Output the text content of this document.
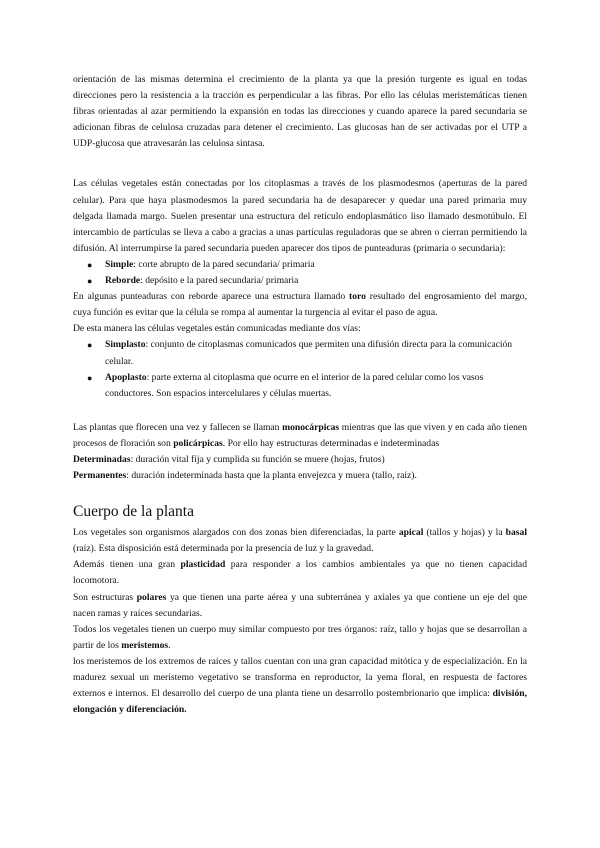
orientación de las mismas determina el crecimiento de la planta ya que la presión turgente es igual en todas direcciones pero la resistencia a la tracción es perpendicular a las fibras. Por ello las células meristemáticas tienen fibras orientadas al azar permitiendo la expansión en todas las direcciones y cuando aparece la pared secundaria se adicionan fibras de celulosa cruzadas para detener el crecimiento. Las glucosas han de ser activadas por el UTP a UDP-glucosa que atravesarán las celulosa sintasa.

Las células vegetales están conectadas por los citoplasmas a través de los plasmodesmos (aperturas de la pared celular). Para que haya plasmodesmos la pared secundaria ha de desaparecer y quedar una pared primaria muy delgada llamada margo. Suelen presentar una estructura del retículo endoplasmático liso llamado desmotúbulo. El intercambio de partículas se lleva a cabo a gracias a unas partículas reguladoras que se abren o cierran permitiendo la difusión. Al interrumpirse la pared secundaria pueden aparecer dos tipos de punteaduras (primaria o secundaria):

● Simple: corte abrupto de la pared secundaria/ primaria
● Reborde: depósito e la pared secundaria/ primaria

En algunas punteaduras con reborde aparece una estructura llamado toro resultado del engrosamiento del margo, cuya función es evitar que la célula se rompa al aumentar la turgencia al evitar el paso de agua.

De esta manera las células vegetales están comunicadas mediante dos vías:

● Simplasto: conjunto de citoplasmas comunicados que permiten una difusión directa para la comunicación celular.
● Apoplasto: parte externa al citoplasma que ocurre en el interior de la pared celular como los vasos conductores. Son espacios intercelulares y células muertas.

Las plantas que florecen una vez y fallecen se llaman monocárpicas mientras que las que viven y en cada año tienen procesos de floración son policárpicas. Por ello hay estructuras determinadas e indeterminadas

Determinadas: duración vital fija y cumplida su función se muere (hojas, frutos)

Permanentes: duración indeterminada hasta que la planta envejezca y muera (tallo, raíz).

Cuerpo de la planta

Los vegetales son organismos alargados con dos zonas bien diferenciadas, la parte apical (tallos y hojas) y la basal (raíz). Esta disposición está determinada por la presencia de luz y la gravedad.

Además tienen una gran plasticidad para responder a los cambios ambientales ya que no tienen capacidad locomotora.

Son estructuras polares ya que tienen una parte aérea y una subterránea y axiales ya que contiene un eje del que nacen ramas y raíces secundarias.

Todos los vegetales tienen un cuerpo muy similar compuesto por tres órganos: raíz, tallo y hojas que se desarrollan a partir de los meristemos.

los meristemos de los extremos de raíces y tallos cuentan con una gran capacidad mitótica y de especialización. En la madurez sexual un meristemo vegetativo se transforma en reproductor, la yema floral, en respuesta de factores externos e internos. El desarrollo del cuerpo de una planta tiene un desarrollo postembrionario que implica: división, elongación y diferenciación.
